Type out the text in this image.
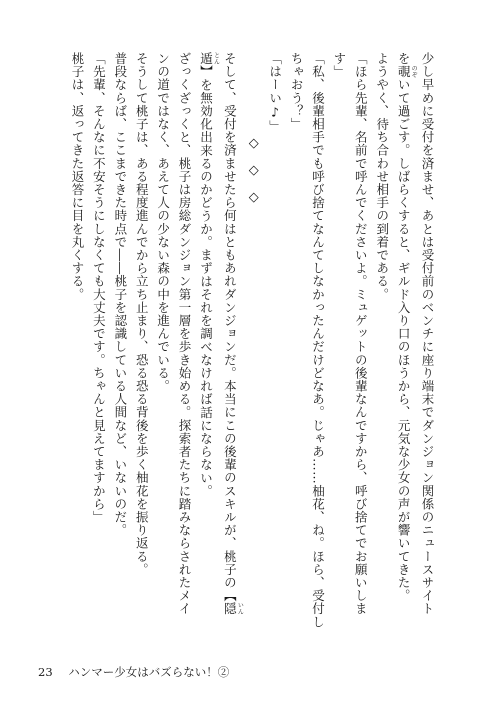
少し早めに受付を済ませ、あとは受付前のベンチに座り端末でダンジョン関係のニュースサイト
を覗 のぞいて過ごす。しばらくすると、ギルド入り口のほうから、元気な少女の声が響いてきた。
ようやく、待ち合わせ相手の到着である。
「ほら先輩、名前で呼んでくださいよ。ミュゲットの後輩なんですから、呼び捨てでお願いしま
す」
「私、後輩相手でも呼び捨てなんてしなかったんだけどなあ。じゃあ……柚花、ね。ほら、受付し
ちゃおう？」
「はーい♪」
◇◇◇
そして、受付を済ませたら何はともあれダンジョンだ。本当にこの後輩のスキルが、桃子の【隠 いん
遁 とん】を無効化出来るのかどうか。まずはそれを調べなければ話にならない。
ざっくざっくと、桃子は房総ダンジョン第一層を歩き始める。探索者たちに踏みならされたメイ
ンの道ではなく、あえて人の少ない森の中を進んでいる。
そうして桃子は、ある程度進んでから立ち止まり、恐る恐る背後を歩く柚花を振り返る。
普段ならば、ここまできた時点で――桃子を認識している人間など、いないのだ。
「先輩、そんなに不安そうにしなくても大丈夫です。ちゃんと見えてますから」
桃子は、返ってきた返答に目を丸くする。
23 ハンマー少女はバズらない！②
